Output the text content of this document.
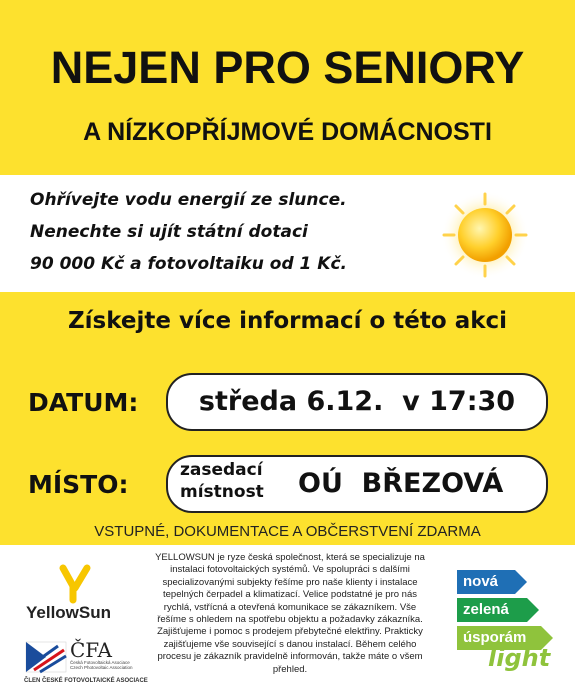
NEJEN PRO SENIORY
A NÍZKOPŘÍJMOVÉ DOMÁCNOSTI
Ohřívejte vodu energií ze slunce.
Nenechte si ujít státní dotaci
90 000 Kč a fotovoltaiku od 1 Kč.
Získejte více informací o této akci
DATUM:	středa 6.12.  v 17:30
MÍSTO:	zasedací
místnost OÚ  BŘEZOVÁ
VSTUPNÉ, DOKUMENTACE A OBČERSTVENÍ ZDARMA
YellowSun
ČFA
Česká Fotovoltaická Asociace
Czech Photovoltaic Association
ČLEN ČESKÉ FOTOVOLTAICKÉ ASOCIACE
YELLOWSUN je ryze česká společnost, která se specializuje na instalaci fotovoltaických systémů. Ve spolupráci s dalšími specializovanými subjekty řešíme pro naše klienty i instalace tepelných čerpadel a klimatizací. Velice podstatné je pro nás rychlá, vstřícná a otevřená komunikace se zákazníkem. Vše řešíme s ohledem na spotřebu objektu a požadavky zákazníka. Zajišťujeme i pomoc s prodejem přebytečné elektřiny. Prakticky zajišťujeme vše související s danou instalací. Během celého procesu je zákazník pravidelně informován, takže máte o všem přehled.
nová
zelená
úsporám
light
